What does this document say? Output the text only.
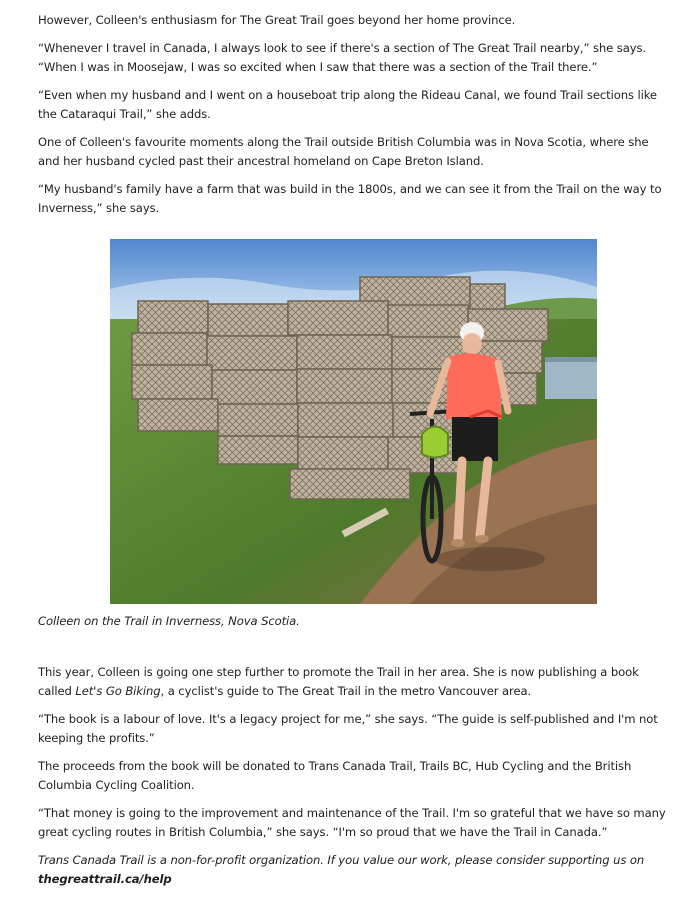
However, Colleen's enthusiasm for The Great Trail goes beyond her home province.

“Whenever I travel in Canada, I always look to see if there's a section of The Great Trail nearby,” she says. “When I was in Moosejaw, I was so excited when I saw that there was a section of the Trail there.”

“Even when my husband and I went on a houseboat trip along the Rideau Canal, we found Trail sections like the Cataraqui Trail,” she adds.

One of Colleen's favourite moments along the Trail outside British Columbia was in Nova Scotia, where she and her husband cycled past their ancestral homeland on Cape Breton Island.

“My husband's family have a farm that was build in the 1800s, and we can see it from the Trail on the way to Inverness,” she says.

Colleen on the Trail in Inverness, Nova Scotia.

This year, Colleen is going one step further to promote the Trail in her area. She is now publishing a book called Let's Go Biking, a cyclist's guide to The Great Trail in the metro Vancouver area.

“The book is a labour of love. It's a legacy project for me,” she says. “The guide is self-published and I'm not keeping the profits.”

The proceeds from the book will be donated to Trans Canada Trail, Trails BC, Hub Cycling and the British Columbia Cycling Coalition.

“That money is going to the improvement and maintenance of the Trail. I'm so grateful that we have so many great cycling routes in British Columbia,” she says. “I'm so proud that we have the Trail in Canada.”

Trans Canada Trail is a non-for-profit organization. If you value our work, please consider supporting us on thegreattrail.ca/help
